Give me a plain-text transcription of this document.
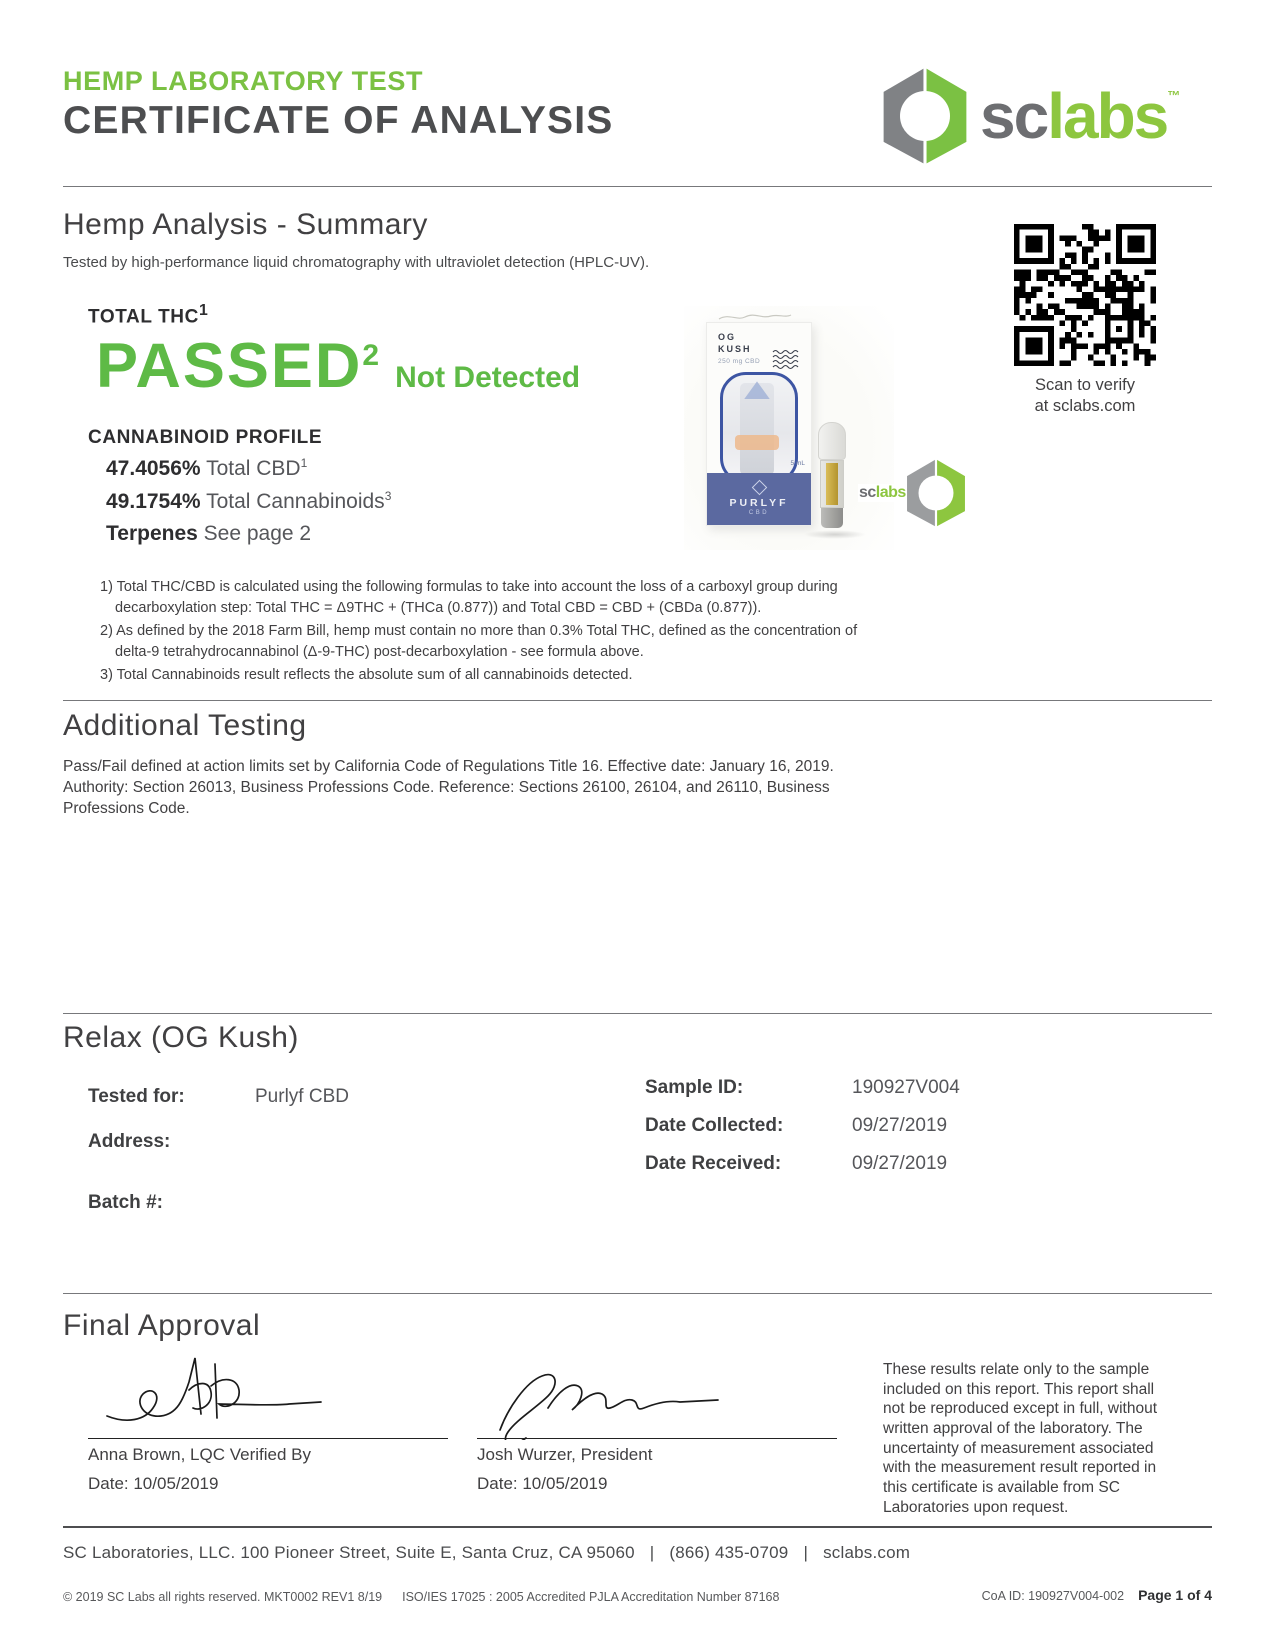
HEMP LABORATORY TEST
CERTIFICATE OF ANALYSIS	sclabs™
Hemp Analysis - Summary
Tested by high-performance liquid chromatography with ultraviolet detection (HPLC-UV).
TOTAL THC$^1$
PASSED$^2$
Not Detected
CANNABINOID PROFILE
47.4056% Total CBD$^1$
49.1754% Total Cannabinoids$^3$
Terpenes See page 2
OG
KUSH
250 mg CBD
5 mL
PURLYF
CBD
sclabs
Scan to verify
at sclabs.com
1) Total THC/CBD is calculated using the following formulas to take into account the loss of a carboxyl group during decarboxylation step: Total THC = Δ9THC + (THCa (0.877)) and Total CBD = CBD + (CBDa (0.877)).
2) As defined by the 2018 Farm Bill, hemp must contain no more than 0.3% Total THC, defined as the concentration of delta-9 tetrahydrocannabinol (Δ-9-THC) post-decarboxylation - see formula above.
3) Total Cannabinoids result reflects the absolute sum of all cannabinoids detected.
Additional Testing
Pass/Fail defined at action limits set by California Code of Regulations Title 16. Effective date: January 16, 2019. Authority: Section 26013, Business Professions Code. Reference: Sections 26100, 26104, and 26110, Business Professions Code.
Relax (OG Kush)
Tested for:	Purlyf CBD
Address:
Batch #:
Sample ID:	190927V004
Date Collected:	09/27/2019
Date Received:	09/27/2019
Final Approval
Anna Brown, LQC Verified By
Date: 10/05/2019
Josh Wurzer, President
Date: 10/05/2019
These results relate only to the sample included on this report. This report shall not be reproduced except in full, without written approval of the laboratory. The uncertainty of measurement associated with the measurement result reported in this certificate is available from SC Laboratories upon request.
SC Laboratories, LLC. 100 Pioneer Street, Suite E, Santa Cruz, CA 95060 | (866) 435-0709 | sclabs.com
© 2019 SC Labs all rights reserved. MKT0002 REV1 8/19 ISO/IES 17025 : 2005 Accredited PJLA Accreditation Number 87168	CoA ID: 190927V004-002 Page 1 of 4
